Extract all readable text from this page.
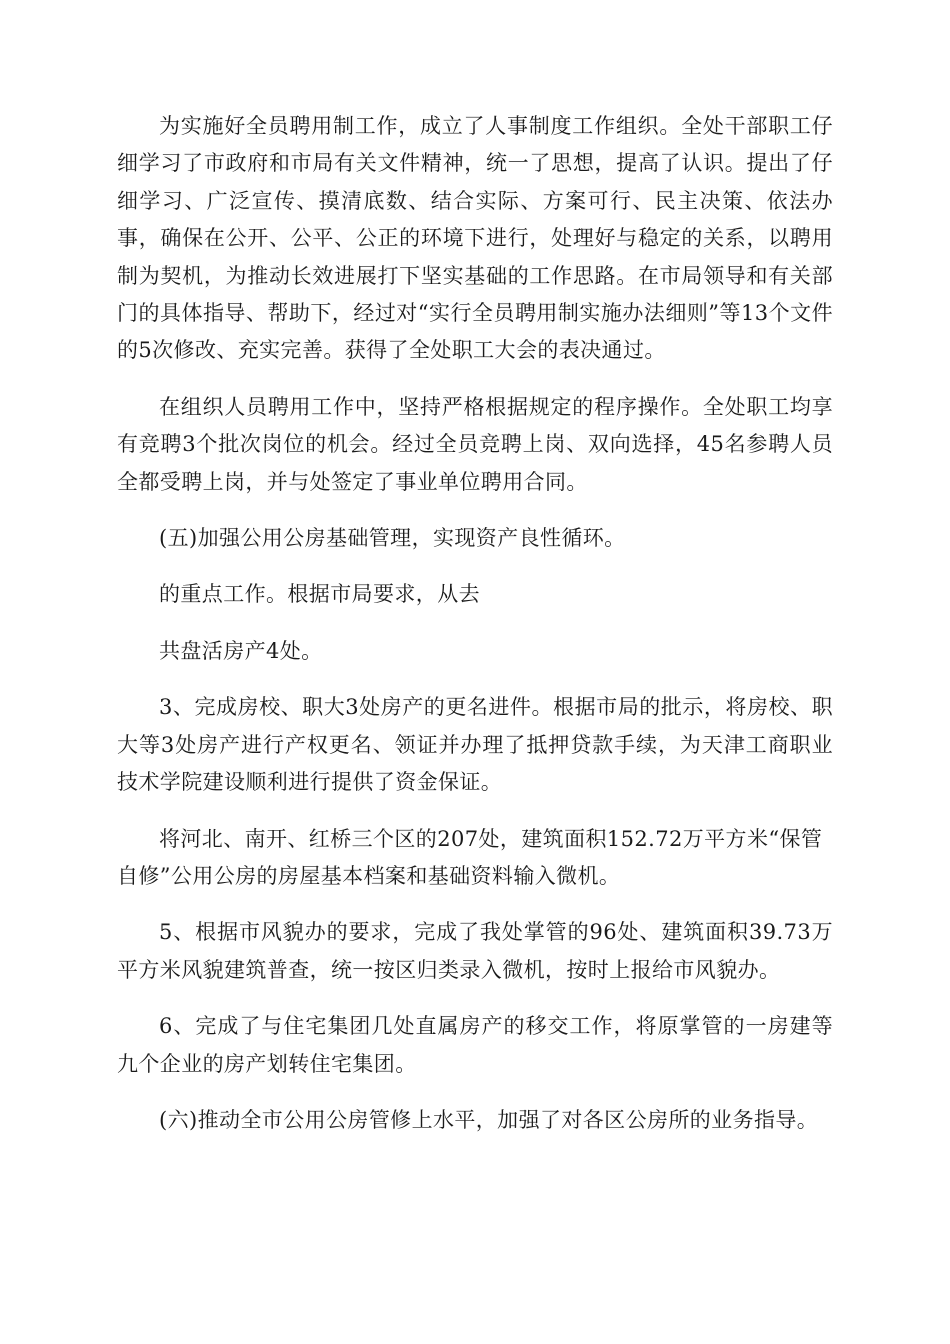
为实施好全员聘用制工作，成立了人事制度工作组织。全处干部职工仔细学习了市政府和市局有关文件精神，统一了思想，提高了认识。提出了仔细学习、广泛宣传、摸清底数、结合实际、方案可行、民主决策、依法办事，确保在公开、公平、公正的环境下进行，处理好与稳定的关系，以聘用制为契机，为推动长效进展打下坚实基础的工作思路。在市局领导和有关部门的具体指导、帮助下，经过对“实行全员聘用制实施办法细则”等13个文件的5次修改、充实完善。获得了全处职工大会的表决通过。

在组织人员聘用工作中，坚持严格根据规定的程序操作。全处职工均享有竞聘3个批次岗位的机会。经过全员竞聘上岗、双向选择，45名参聘人员全都受聘上岗，并与处签定了事业单位聘用合同。

(五)加强公用公房基础管理，实现资产良性循环。

的重点工作。根据市局要求，从去

共盘活房产4处。

3、完成房校、职大3处房产的更名进件。根据市局的批示，将房校、职大等3处房产进行产权更名、领证并办理了抵押贷款手续，为天津工商职业技术学院建设顺利进行提供了资金保证。

将河北、南开、红桥三个区的207处，建筑面积152.72万平方米“保管自修”公用公房的房屋基本档案和基础资料输入微机。

5、根据市风貌办的要求，完成了我处掌管的96处、建筑面积39.73万平方米风貌建筑普查，统一按区归类录入微机，按时上报给市风貌办。

6、完成了与住宅集团几处直属房产的移交工作，将原掌管的一房建等九个企业的房产划转住宅集团。

(六)推动全市公用公房管修上水平，加强了对各区公房所的业务指导。
